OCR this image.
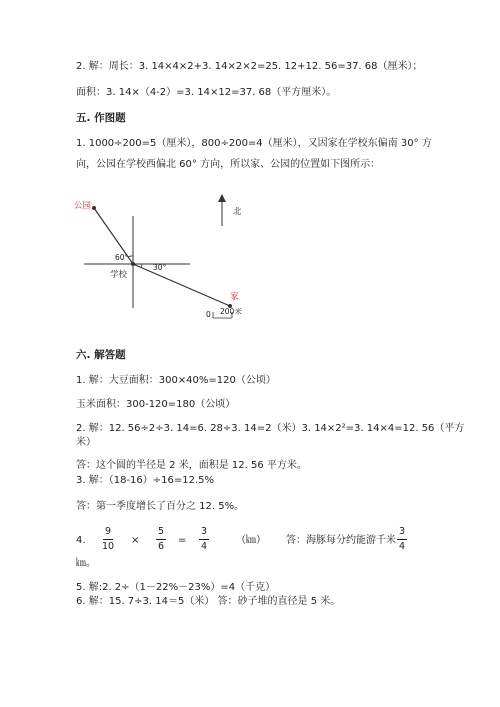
2. 解：周长：3. 14×4×2+3. 14×2×2=25. 12+12. 56=37. 68（厘米）；
面积：3. 14×（4-2）=3. 14×12=37. 68（平方厘米）。
五. 作图题
1. 1000÷200=5（厘米），800÷200=4（厘米），又因家在学校东偏南 30° 方
向，公园在学校西偏北 60° 方向，所以家、公园的位置如下图所示：
公园
60°
30°
学校
家
北
0 200米
六. 解答题
1. 解：大豆面积：300×40%=120（公顷）
玉米面积：300-120=180（公顷）
2. 解：12. 56÷2÷3. 14=6. 28÷3. 14=2（米）3. 14×2²=3. 14×4=12. 56（平方
米）
答：这个圆的半径是 2 米，面积是 12. 56 平方米。
3. 解：（18-16）÷16=12.5%
答：第一季度增长了百分之 12. 5%。
4.
9
10
×
5
6
=
3
4
（㎞） 答：海豚每分约能游千米
3
4
㎞。
5. 解:2. 2÷（1－22%－23%）=4（千克）
6. 解：15. 7÷3. 14＝5（米） 答：砂子堆的直径是 5 米。
